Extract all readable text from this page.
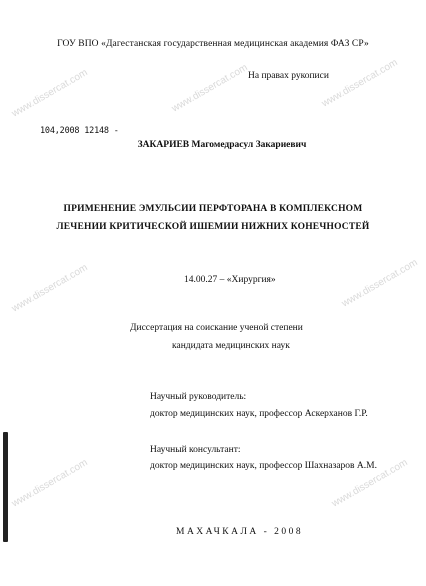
www.dissercat.com	www.dissercat.com	www.dissercat.com
www.dissercat.com
www.dissercat.com
www.dissercat.com	www.dissercat.com
ГОУ ВПО «Дагестанская государственная медицинская академия ФАЗ СР»
На правах рукописи
104,2008 12148 -
ЗАКАРИЕВ Магомедрасул Закариевич
ПРИМЕНЕНИЕ ЭМУЛЬСИИ ПЕРФТОРАНА В КОМПЛЕКСНОМ
ЛЕЧЕНИИ КРИТИЧЕСКОЙ ИШЕМИИ НИЖНИХ КОНЕЧНОСТЕЙ
14.00.27 – «Хирургия»
Диссертация на соискание ученой степени
кандидата медицинских наук
Научный руководитель:
доктор медицинских наук, профессор Аскерханов Г.Р.
Научный консультант:
доктор медицинских наук, профессор Шахназаров А.М.
МАХАЧКАЛА - 2008
